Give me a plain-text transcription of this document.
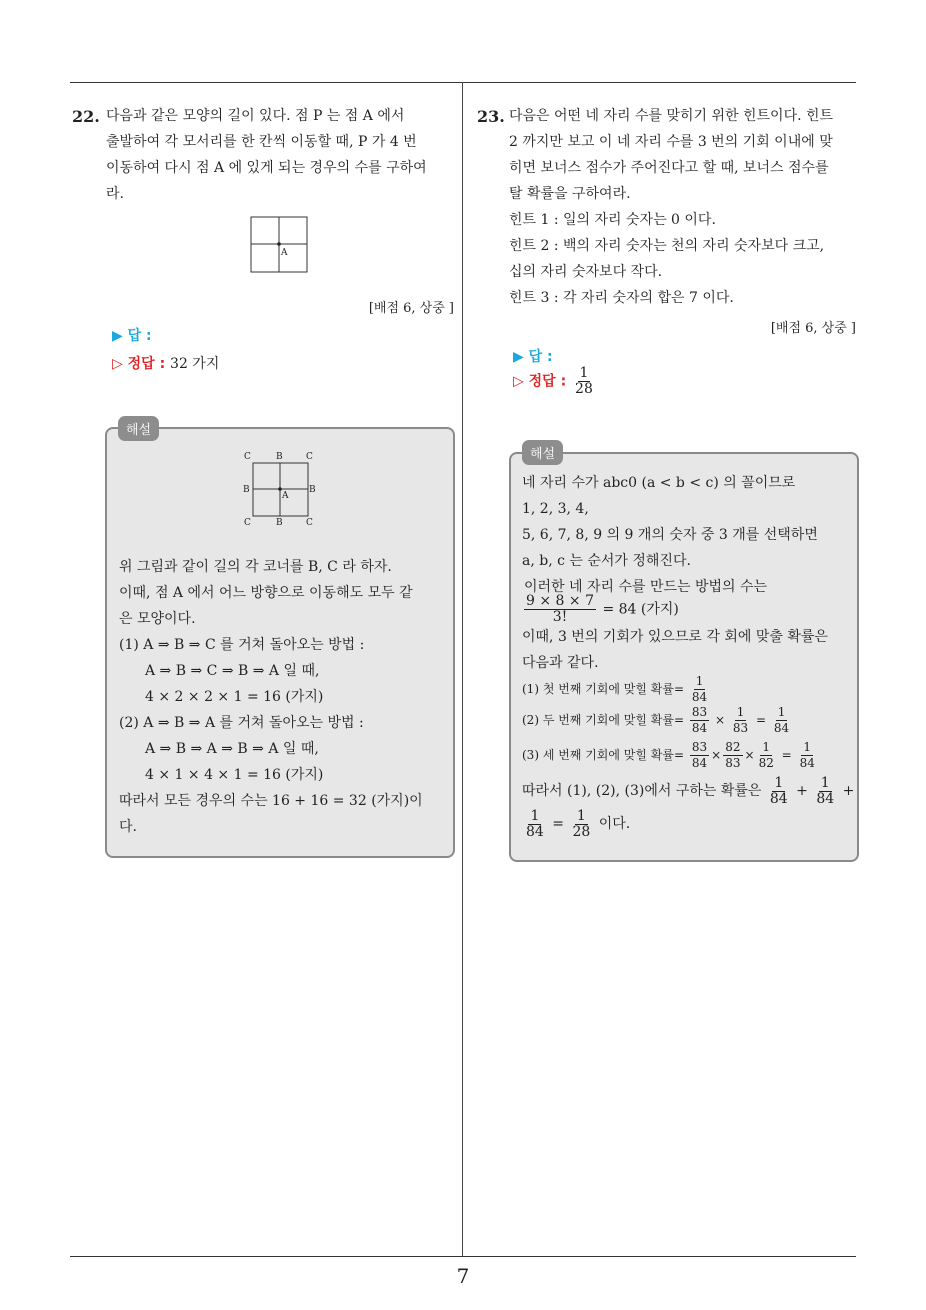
7
22. 다음과 같은 모양의 길이 있다. 점 P 는 점 A 에서
출발하여 각 모서리를 한 칸씩 이동할 때, P 가 4 번
이동하여 다시 점 A 에 있게 되는 경우의 수를 구하여
라.
A
[배점 6, 상중 ]
▶ 답 :
▷ 정답 : 32 가지
해설
C	B	C
B	B
A
C	B	C
위 그림과 같이 길의 각 코너를 B, C 라 하자.
이때, 점 A 에서 어느 방향으로 이동해도 모두 같
은 모양이다.
(1) A ⇒ B ⇒ C 를 거쳐 돌아오는 방법 :
A ⇒ B ⇒ C ⇒ B ⇒ A 일 때,
4 × 2 × 2 × 1 = 16 (가지)
(2) A ⇒ B ⇒ A 를 거쳐 돌아오는 방법 :
A ⇒ B ⇒ A ⇒ B ⇒ A 일 때,
4 × 1 × 4 × 1 = 16 (가지)
따라서 모든 경우의 수는 16 + 16 = 32 (가지)이
다.
23. 다음은 어떤 네 자리 수를 맞히기 위한 힌트이다. 힌트
2 까지만 보고 이 네 자리 수를 3 번의 기회 이내에 맞
히면 보너스 점수가 주어진다고 할 때, 보너스 점수를
탈 확률을 구하여라.
힌트 1 : 일의 자리 숫자는 0 이다.
힌트 2 : 백의 자리 숫자는 천의 자리 숫자보다 크고,
십의 자리 숫자보다 작다.
힌트 3 : 각 자리 숫자의 합은 7 이다.
[배점 6, 상중 ]
▶ 답 :
▷ 정답 : $\frac{1}{28}$
해설
네 자리 수가 abc0 (a < b < c) 의 꼴이므로
1, 2, 3, 4,
5, 6, 7, 8, 9 의 9 개의 숫자 중 3 개를 선택하면
a, b, c 는 순서가 정해진다.
이러한 네 자리 수를 만드는 방법의 수는
$\frac{9 \times 8 \times 7}{3!} = 84$ (가지)
이때, 3 번의 기회가 있으므로 각 회에 맞출 확률은
다음과 같다.
(1) 첫 번째 기회에 맞힐 확률= $\frac{1}{84}$
(2) 두 번째 기회에 맞힐 확률= $\frac{83}{84} \times \frac{1}{83} = \frac{1}{84}$
(3) 세 번째 기회에 맞힐 확률= $\frac{83}{84} \times \frac{82}{83} \times \frac{1}{82} = \frac{1}{84}$
따라서 (1), (2), (3)에서 구하는 확률은 $\frac{1}{84} + \frac{1}{84}$ +
$\frac{1}{84} = \frac{1}{28}$ 이다.
